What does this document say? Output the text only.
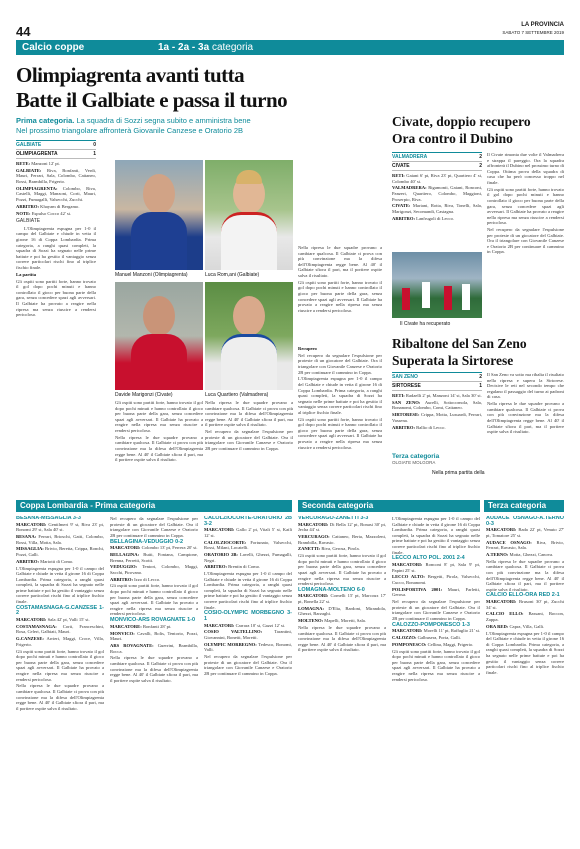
44	LA PROVINCIA
SABATO 7 SETTEMBRE 2019
Calcio coppe	1a - 2a - 3a categoria
Olimpiagrenta avanti tutta
Batte il Galbiate e passa il turno
Prima categoria. La squadra di Sozzi segna subito e amministra bene
Nel prossimo triangolare affronterà Giovanile Canzese e Oratorio 2B
GALBIATE	0
OLIMPIAGRENTA	1

RETE: Manzoni 12' pt.

GALBIATE: Riva, Bonfanti, Verdi, Mauri, Ferrari, Sala, Colombo, Cattaneo, Rossi, Brambilla, Frigerio.

OLIMPIAGRENTA: Colombo, Riva, Castelli, Maggi, Manzoni, Corti, Mauri, Pozzi, Fumagalli, Valsecchi, Zucchi.

ARBITRO: Khayam di Bergamo.

NOTE: Espulso Cocco 42' st.

GALBIATE

L'Olimpiagrenta espugna per 1-0 il campo del Galbiate e chiude in vetta il girone 16 di Coppa Lombardia. Prima categoria, a ranghi quasi completi, la squadra di Sozzi ha segnato nelle prime battute e poi ha gestito il vantaggio senza correre particolari rischi fino al triplice fischio finale.

La partita

Gli ospiti sono partiti forte, hanno trovato il gol dopo pochi minuti e hanno controllato il gioco per buona parte della gara, senza concedere spazi agli avversari. Il Galbiate ha provato a reagire nella ripresa ma senza riuscire a rendersi pericoloso.

Manuel Manzoni (Olimpiagrenta)	Luca Rom,ani (Galbiate)
Davide Marigonzi (Civate)	Luca Quartiero (Valmadrera)

Gli ospiti sono partiti forte, hanno trovato il gol dopo pochi minuti e hanno controllato il gioco per buona parte della gara, senza concedere spazi agli avversari. Il Galbiate ha provato a reagire nella ripresa ma senza riuscire a rendersi pericoloso.

Nella ripresa le due squadre provano a cambiare qualcosa. Il Galbiate ci prova con più convinzione ma la difesa dell'Olimpiagrenta regge bene. Al 40' il Galbiate sfiora il pari, ma il portiere ospite salva il risultato.

Nella ripresa le due squadre provano a cambiare qualcosa. Il Galbiate ci prova con più convinzione ma la difesa dell'Olimpiagrenta regge bene. Al 40' il Galbiate sfiora il pari, ma il portiere ospite salva il risultato.

Nel recupero da segnalare l'espulsione per proteste di un giocatore del Galbiate. Ora il triangolare con Giovanile Canzese e Oratorio 2B per continuare il cammino in Coppa.

Nella ripresa le due squadre provano a cambiare qualcosa. Il Galbiate ci prova con più convinzione ma la difesa dell'Olimpiagrenta regge bene. Al 40' il Galbiate sfiora il pari, ma il portiere ospite salva il risultato.

Gli ospiti sono partiti forte, hanno trovato il gol dopo pochi minuti e hanno controllato il gioco per buona parte della gara, senza concedere spazi agli avversari. Il Galbiate ha provato a reagire nella ripresa ma senza riuscire a rendersi pericoloso.

Recupero

Nel recupero da segnalare l'espulsione per proteste di un giocatore del Galbiate. Ora il triangolare con Giovanile Canzese e Oratorio 2B per continuare il cammino in Coppa.

L'Olimpiagrenta espugna per 1-0 il campo del Galbiate e chiude in vetta il girone 16 di Coppa Lombardia. Prima categoria, a ranghi quasi completi, la squadra di Sozzi ha segnato nelle prime battute e poi ha gestito il vantaggio senza correre particolari rischi fino al triplice fischio finale.

Gli ospiti sono partiti forte, hanno trovato il gol dopo pochi minuti e hanno controllato il gioco per buona parte della gara, senza concedere spazi agli avversari. Il Galbiate ha provato a reagire nella ripresa ma senza riuscire a rendersi pericoloso.

Civate, doppio recupero
Ora contro il Dubino
VALMADRERA	2
CIVATE	2

RETI: Gaiani 6' pt, Riva 23' pt, Quartiero 4' st, Colombo 40' st.

VALMADRERA: Rigamonti, Gaiani, Ronconi, Panzeri, Quartiero, Colombo, Maggioni, Proserpio, Riva.

CIVATE: Mariani, Rotta, Riva, Tonelli, Sala, Marigonzi, Secomandi, Castagna.

ARBITRO: Lanfrugoli di Lecco.

Il Civate ha recuperato

Il Civate rimonta due volte il Valmadrera e strappa il pareggio. Ora la squadra affronterà il Dubino nel prossimo turno di Coppa. Ottima prova della squadra di casa che ha però concesso troppo nel finale.

Gli ospiti sono partiti forte, hanno trovato il gol dopo pochi minuti e hanno controllato il gioco per buona parte della gara, senza concedere spazi agli avversari. Il Galbiate ha provato a reagire nella ripresa ma senza riuscire a rendersi pericoloso.

Nel recupero da segnalare l'espulsione per proteste di un giocatore del Galbiate. Ora il triangolare con Giovanile Canzese e Oratorio 2B per continuare il cammino in Coppa.

Ribaltone del San Zeno
Superata la Sirtorese
SAN ZENO	2
SIRTORESE	1

RETI: Radaelli 2' pt, Manzoni 14' st, Sala 30' st.

SAN ZENO: Aurelli, Sottocornola, Sala, Bonanomi, Colombo, Comi, Cattaneo.

SIRTORESE: Crippa, Motta, Lusuardi, Ferrari, Vassena.

ARBITRO: Ballio di Lecco.

Terza categoria
OLGIATE MOLGORA
Nella prima partita della

Il San Zeno va sotto ma ribalta il risultato nella ripresa e supera la Sirtorese. Decisive le reti nel secondo tempo che regalano il passaggio del turno ai padroni di casa.

Nella ripresa le due squadre provano a cambiare qualcosa. Il Galbiate ci prova con più convinzione ma la difesa dell'Olimpiagrenta regge bene. Al 40' il Galbiate sfiora il pari, ma il portiere ospite salva il risultato.

Coppa Lombardia - Prima categoria	Seconda categoria	Terza categoria
BESANA-MISSAGLIA 3-3

MARCATORI: Gentilmeri 9' st, Riva 23' pt, Bonomi 29' st, Sala 40' st.

BESANA: Ferrari, Brioschi, Gatti, Colombo, Rossi, Villa, Motta, Sala.

MISSAGLIA: Brivio, Beretta, Crippa, Ronchi, Pozzi, Galli.

ARBITRO: Mariotti di Como.

L'Olimpiagrenta espugna per 1-0 il campo del Galbiate e chiude in vetta il girone 16 di Coppa Lombardia. Prima categoria, a ranghi quasi completi, la squadra di Sozzi ha segnato nelle prime battute e poi ha gestito il vantaggio senza correre particolari rischi fino al triplice fischio finale.

COSTAMASNAGA-G.CANZESE 1-2

MARCATORI: Sala 42' pt, Valli 15' st.

COSTAMASNAGA: Corti, Franceschini, Rosa, Celeri, Galbiati, Mauri.

G.CANZESE: Arrieri, Maggi, Croce, Villa, Frigerio.

Gli ospiti sono partiti forte, hanno trovato il gol dopo pochi minuti e hanno controllato il gioco per buona parte della gara, senza concedere spazi agli avversari. Il Galbiate ha provato a reagire nella ripresa ma senza riuscire a rendersi pericoloso.

Nella ripresa le due squadre provano a cambiare qualcosa. Il Galbiate ci prova con più convinzione ma la difesa dell'Olimpiagrenta regge bene. Al 40' il Galbiate sfiora il pari, ma il portiere ospite salva il risultato.

Nel recupero da segnalare l'espulsione per proteste di un giocatore del Galbiate. Ora il triangolare con Giovanile Canzese e Oratorio 2B per continuare il cammino in Coppa.

BELLAGINA-VEDUGGIO 0-2

MARCATORI: Colombo 13' pt, Ferrera 20' st.

BELLAGINA: Butti, Fontana, Campione, Brenna, Ferretti, Scotti.

VEDUGGIO: Tentori, Colombo, Maggi, Sacchi, Pirovano.

ARBITRO: Izzo di Lecco.

Gli ospiti sono partiti forte, hanno trovato il gol dopo pochi minuti e hanno controllato il gioco per buona parte della gara, senza concedere spazi agli avversari. Il Galbiate ha provato a reagire nella ripresa ma senza riuscire a rendersi pericoloso.

MONVICO-ARS ROVAGNATE 1-0

MARCATORE: Bonfanti 28' pt.

MONVICO: Cavalli, Bolis, Tentorio, Pozzi, Mauri.

ARS ROVAGNATE: Guerrini, Brambilla, Rocca.

Nella ripresa le due squadre provano a cambiare qualcosa. Il Galbiate ci prova con più convinzione ma la difesa dell'Olimpiagrenta regge bene. Al 40' il Galbiate sfiora il pari, ma il portiere ospite salva il risultato.

CALOLZIOCORTE-ORATORIO 2B 3-2

MARCATORI: Gallo 2' pt, Vitali 5' st, Kaili 12' st.

CALOLZIOCORTE: Fortunato, Valsecchi, Rossi, Milani, Locatelli.

ORATORIO 2B: Lavelli, Ghezzi, Fumagalli, Negri.

ARBITRO: Brentin di Como.

L'Olimpiagrenta espugna per 1-0 il campo del Galbiate e chiude in vetta il girone 16 di Coppa Lombardia. Prima categoria, a ranghi quasi completi, la squadra di Sozzi ha segnato nelle prime battute e poi ha gestito il vantaggio senza correre particolari rischi fino al triplice fischio finale.

COSIO-OLYMPIC MORBEGNO 3-1

MARCATORI: Carrara 10' st, Gazzi 12' st.

COSIO VALTELLINO: Tarantini, Giovannini, Bonetti, Moretti.

OLYMPIC MORBEGNO: Tedesco, Bonomi, Valli.

Nel recupero da segnalare l'espulsione per proteste di un giocatore del Galbiate. Ora il triangolare con Giovanile Canzese e Oratorio 2B per continuare il cammino in Coppa.

VERCURAGO-ZANETTI 3-3

MARCATORI: Di Bella 12' pt, Bonasi 30' pt, Jecha 44' st.

VERCURAGO: Cattaneo, Berta, Mazzoleni, Brambilla, Ravasio.

ZANETTI: Riva, Gerosa, Pirola.

Gli ospiti sono partiti forte, hanno trovato il gol dopo pochi minuti e hanno controllato il gioco per buona parte della gara, senza concedere spazi agli avversari. Il Galbiate ha provato a reagire nella ripresa ma senza riuscire a rendersi pericoloso.

LOMAGNA-MOLTENO 6-0

MARCATORI: Cornelli 15' pt, Marcoux 17' pt, Bonella 22' st.

LOMAGNA: D'Elia, Bardoni, Mirandola, Ghezzi, Barzaghi.

MOLTENO: Mapelli, Moretti, Sala.

Nella ripresa le due squadre provano a cambiare qualcosa. Il Galbiate ci prova con più convinzione ma la difesa dell'Olimpiagrenta regge bene. Al 40' il Galbiate sfiora il pari, ma il portiere ospite salva il risultato.

L'Olimpiagrenta espugna per 1-0 il campo del Galbiate e chiude in vetta il girone 16 di Coppa Lombardia. Prima categoria, a ranghi quasi completi, la squadra di Sozzi ha segnato nelle prime battute e poi ha gestito il vantaggio senza correre particolari rischi fino al triplice fischio finale.

LECCO ALTO POL. 2001 2-4

MARCATORI: Ronconi 8' pt, Sala 9' pt, Papini 25' st.

LECCO ALTO: Bergetti, Pirola, Valsecchi, Cucco, Bonanomi.

POLISPORTIVA 2001: Mauri, Farletti, Gerosa.

Nel recupero da segnalare l'espulsione per proteste di un giocatore del Galbiate. Ora il triangolare con Giovanile Canzese e Oratorio 2B per continuare il cammino in Coppa.

CALOZZO-POMPONESCO 1-3

MARCATORI: Morelli 11' pt, Raffaglio 21' st.

CALOZZO: Galbusera, Porta, Galli.

POMPONESCO: Cellina, Maggi, Frigerio.

Gli ospiti sono partiti forte, hanno trovato il gol dopo pochi minuti e hanno controllato il gioco per buona parte della gara, senza concedere spazi agli avversari. Il Galbiate ha provato a reagire nella ripresa ma senza riuscire a rendersi pericoloso.

AUDACE OSNAGO-A.TERNO 0-3

MARCATORI: Bada 22' pt, Venuto 27' pt, Tomatore 25' st.

AUDACE OSNAGO: Riva, Brivio, Ferrari, Ravasio, Sala.

A.TERNO: Motta, Ghezzi, Canova.

Nella ripresa le due squadre provano a cambiare qualcosa. Il Galbiate ci prova con più convinzione ma la difesa dell'Olimpiagrenta regge bene. Al 40' il Galbiate sfiora il pari, ma il portiere ospite salva il risultato.

CALCIO ELLO-ORA RED 2-1

MARCATORI: Brusoni 30' pt, Zucchi 34' st.

CALCIO ELLO: Bassani, Boccon, Zappa.

ORA RED: Capra, Villa, Galli.

L'Olimpiagrenta espugna per 1-0 il campo del Galbiate e chiude in vetta il girone 16 di Coppa Lombardia. Prima categoria, a ranghi quasi completi, la squadra di Sozzi ha segnato nelle prime battute e poi ha gestito il vantaggio senza correre particolari rischi fino al triplice fischio finale.
